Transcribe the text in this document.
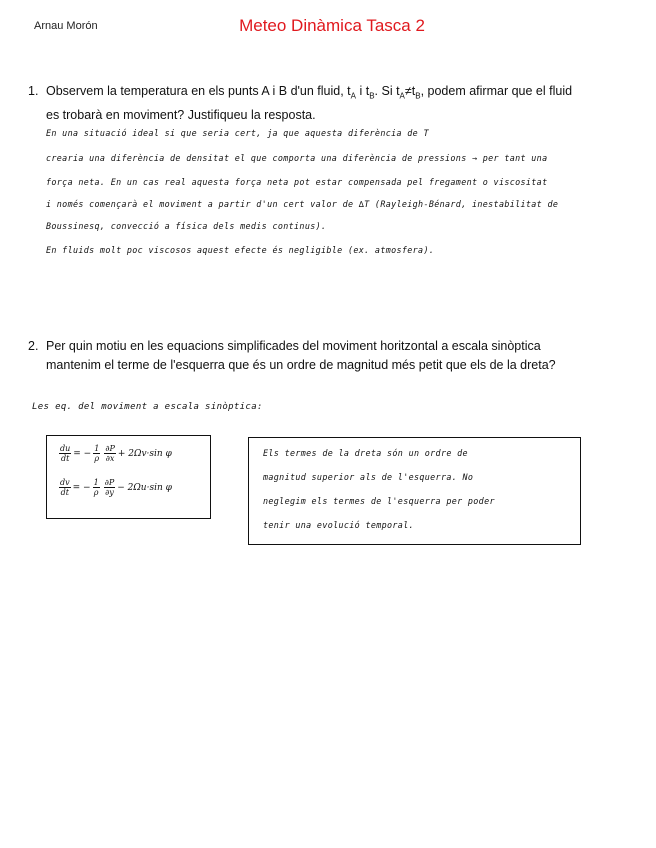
Arnau Morón	Meteo Dinàmica Tasca 2
1. Observem la temperatura en els punts A i B d'un fluid, $t_A$ i $t_B$. Si $t_A\ne t_B$, podem afirmar que el fluid
es trobarà en moviment? Justifiqueu la resposta.
En una situació ideal si que seria cert, ja que aquesta diferència de T
crearia una diferència de densitat el que comporta una diferència de pressions → per tant una
força neta. En un cas real aquesta força neta pot estar compensada pel fregament o viscositat
i només començarà el moviment a partir d'un cert valor de ∆T (Rayleigh-Bénard, inestabilitat de
Boussinesq, convecció a física dels medis continus).
En fluids molt poc viscosos aquest efecte és negligible (ex. atmosfera).
2. Per quin motiu en les equacions simplificades del moviment horitzontal a escala sinòptica
mantenim el terme de l'esquerra que és un ordre de magnitud més petit que els de la dreta?
Les eq. del moviment a escala sinòptica:
$\frac{du}{dt}$ = − $\frac{1}{\rho} \frac{\partial P}{\partial x} + 2\Omega v\cdot\sin$ φ
$\frac{dv}{dt}$ = − $\frac{1}{\rho} \frac{\partial P}{\partial y} - 2\Omega u\cdot\sin$ φ
Els termes de la dreta són un ordre de
magnitud superior als de l'esquerra. No
neglegim els termes de l'esquerra per poder
tenir una evolució temporal.
